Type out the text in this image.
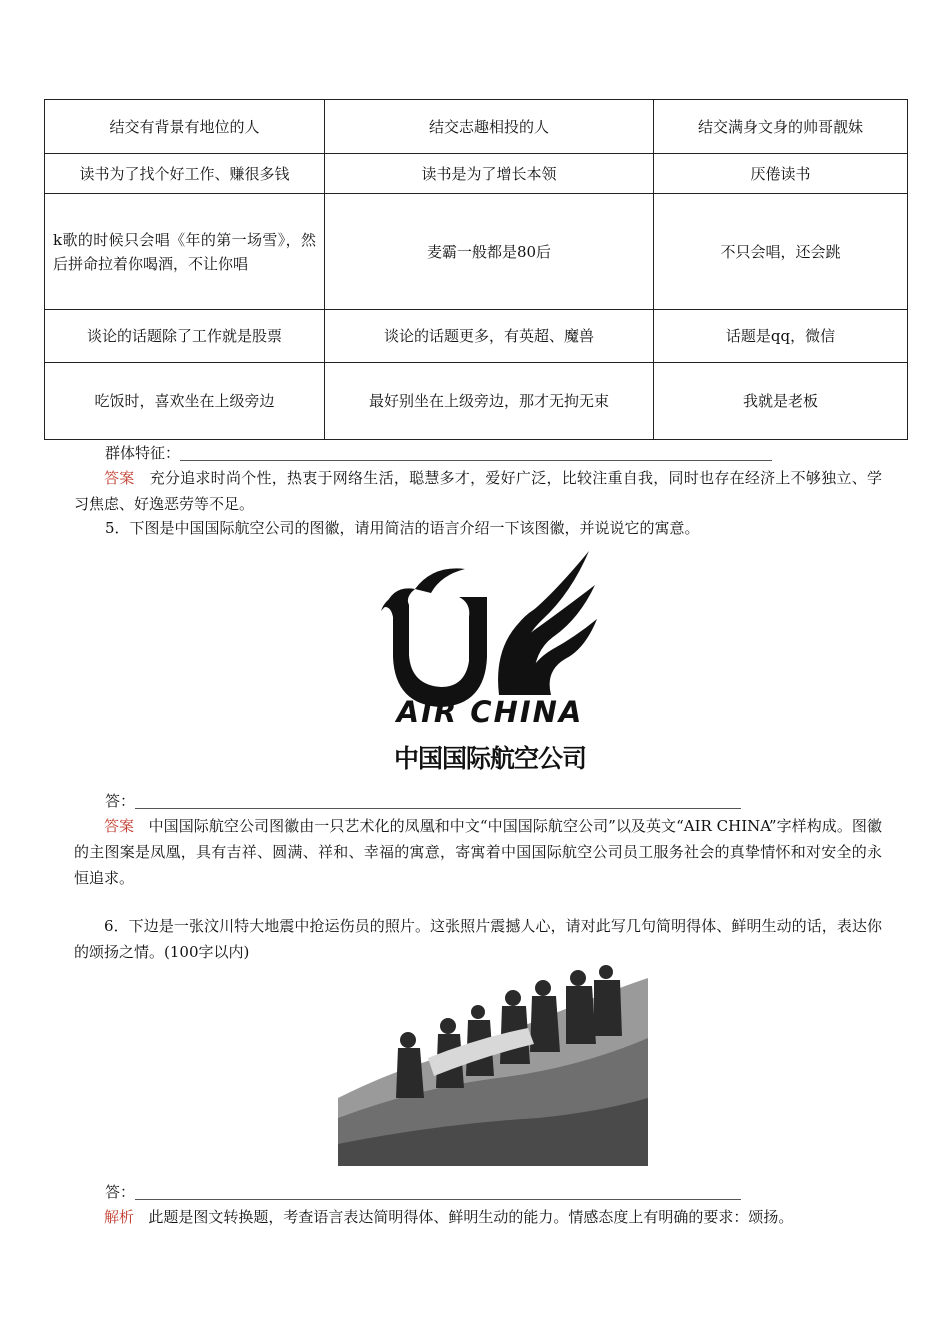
结交有背景有地位的人	结交志趣相投的人	结交满身文身的帅哥靓妹
读书为了找个好工作、赚很多钱	读书是为了增长本领	厌倦读书
k歌的时候只会唱《年的第一场雪》，然后拼命拉着你喝酒，不让你唱	麦霸一般都是80后	不只会唱，还会跳
谈论的话题除了工作就是股票	谈论的话题更多，有英超、魔兽	话题是qq，微信
吃饭时，喜欢坐在上级旁边	最好别坐在上级旁边，那才无拘无束	我就是老板
群体特征：
答案 充分追求时尚个性，热衷于网络生活，聪慧多才，爱好广泛，比较注重自我，同时也存在经济上不够独立、学习焦虑、好逸恶劳等不足。
5．下图是中国国际航空公司的图徽，请用简洁的语言介绍一下该图徽，并说说它的寓意。
AIR CHINA
中国国际航空公司
答：
答案 中国国际航空公司图徽由一只艺术化的凤凰和中文“中国国际航空公司”以及英文“AIR CHINA”字样构成。图徽的主图案是凤凰，具有吉祥、圆满、祥和、幸福的寓意，寄寓着中国国际航空公司员工服务社会的真挚情怀和对安全的永恒追求。
6．下边是一张汶川特大地震中抢运伤员的照片。这张照片震撼人心，请对此写几句简明得体、鲜明生动的话，表达你的颂扬之情。(100字以内)
答：
解析 此题是图文转换题，考查语言表达简明得体、鲜明生动的能力。情感态度上有明确的要求：颂扬。
